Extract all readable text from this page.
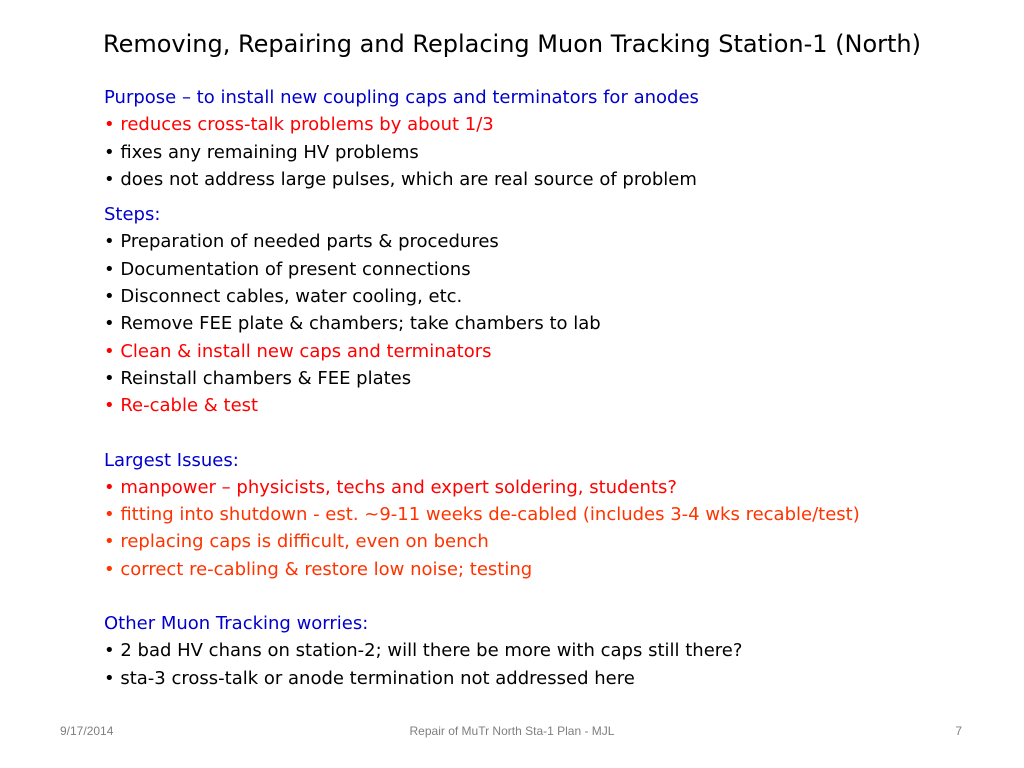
Removing, Repairing and Replacing Muon Tracking Station-1 (North)
Purpose – to install new coupling caps and terminators for anodes
• reduces cross-talk problems by about 1/3
• fixes any remaining HV problems
• does not address large pulses, which are real source of problem
Steps:
• Preparation of needed parts & procedures
• Documentation of present connections
• Disconnect cables, water cooling, etc.
• Remove FEE plate & chambers; take chambers to lab
• Clean & install new caps and terminators
• Reinstall chambers & FEE plates
• Re-cable & test
Largest Issues:
• manpower – physicists, techs and expert soldering, students?
• fitting into shutdown - est. ~9-11 weeks de-cabled (includes 3-4 wks recable/test)
• replacing caps is difficult, even on bench
• correct re-cabling & restore low noise; testing
Other Muon Tracking worries:
• 2 bad HV chans on station-2; will there be more with caps still there?
• sta-3 cross-talk or anode termination not addressed here
9/17/2014	Repair of MuTr North Sta-1 Plan - MJL	7
